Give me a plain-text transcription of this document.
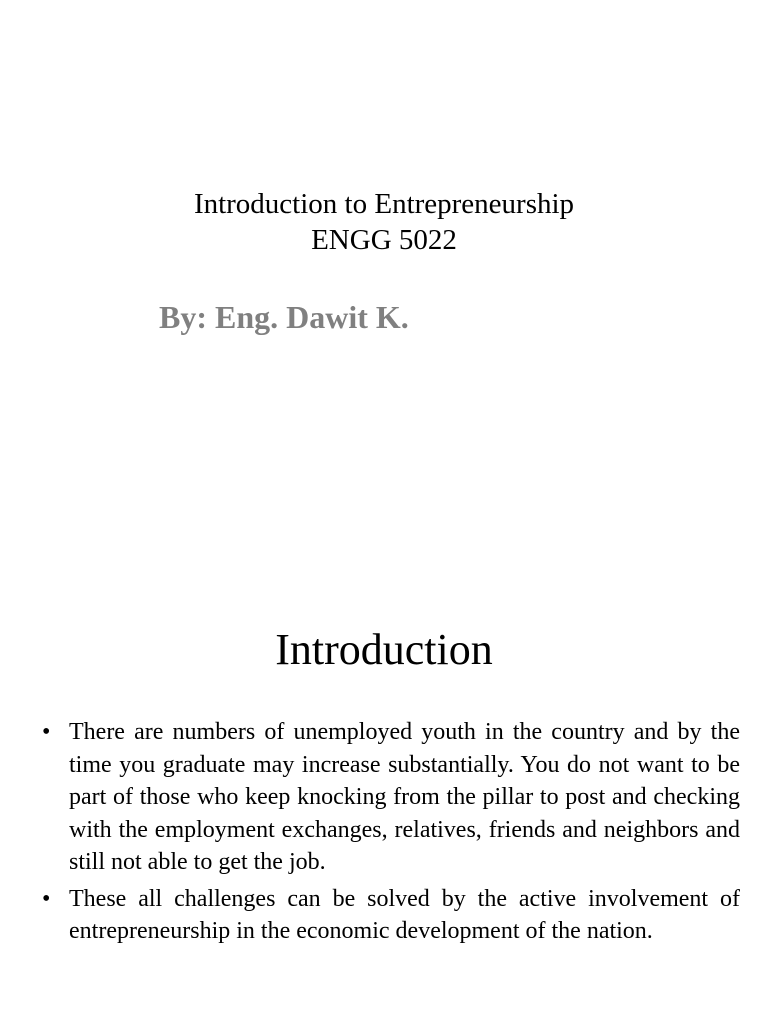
Introduction to Entrepreneurship
ENGG 5022
By: Eng. Dawit K.
Introduction
• There are numbers of unemployed youth in the country and by the time you graduate may increase substantially. You do not want to be part of those who keep knocking from the pillar to post and checking with the employment exchanges, relatives, friends and neighbors and still not able to get the job.
• These all challenges can be solved by the active involvement of entrepreneurship in the economic development of the nation.
